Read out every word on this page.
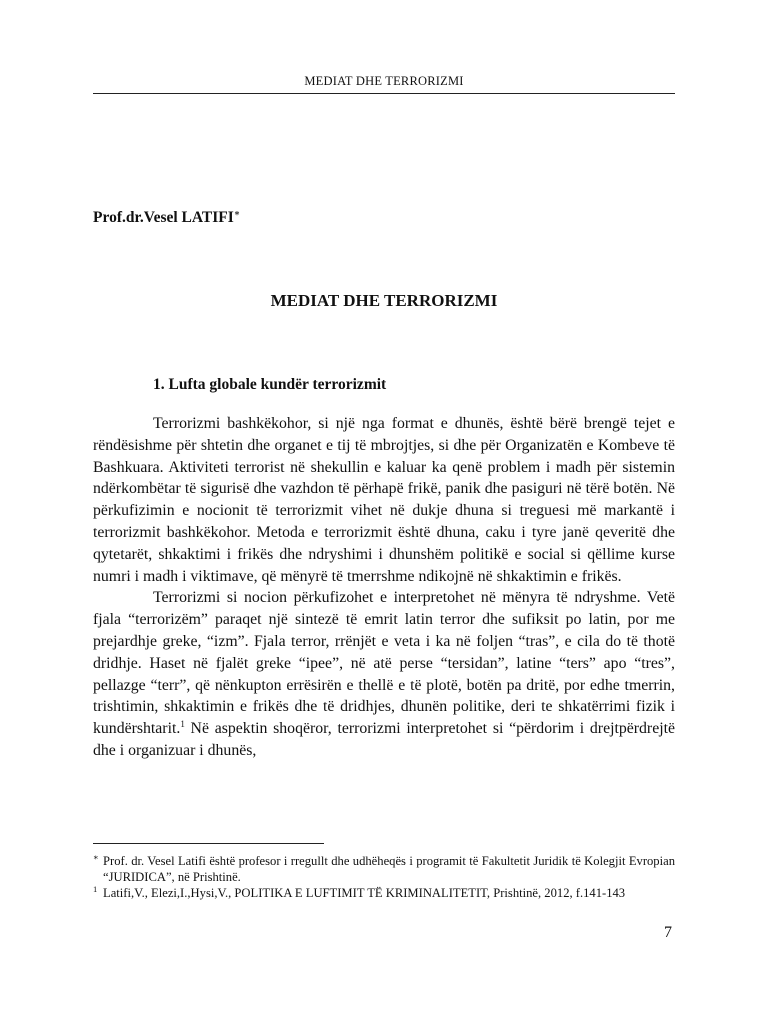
MEDIAT DHE TERRORIZMI
Prof.dr.Vesel LATIFI∗
MEDIAT DHE TERRORIZMI
1. Lufta globale kundër terrorizmit

Terrorizmi bashkëkohor, si një nga format e dhunës, është bërë brengë tejet e rëndësishme për shtetin dhe organet e tij të mbrojtjes, si dhe për Organizatën e Kombeve të Bashkuara. Aktiviteti terrorist në shekullin e kaluar ka qenë problem i madh për sistemin ndërkombëtar të sigurisë dhe vazhdon të përhapë frikë, panik dhe pasiguri në tërë botën. Në përkufizimin e nocionit të terrorizmit vihet në dukje dhuna si treguesi më markantë i terrorizmit bashkëkohor. Metoda e terrorizmit është dhuna, caku i tyre janë qeveritë dhe qytetarët, shkaktimi i frikës dhe ndryshimi i dhunshëm politikë e social si qëllime kurse numri i madh i viktimave, që mënyrë të tmerrshme ndikojnë në shkaktimin e frikës.

Terrorizmi si nocion përkufizohet e interpretohet në mënyra të ndryshme. Vetë fjala “terrorizëm” paraqet një sintezë të emrit latin terror dhe sufiksit po latin, por me prejardhje greke, “izm”. Fjala terror, rrënjët e veta i ka në foljen “tras”, e cila do të thotë dridhje. Haset në fjalët greke “ipee”, në atë perse “tersidan”, latine “ters” apo “tres”, pellazge “terr”, që nënkupton errësirën e thellë e të plotë, botën pa dritë, por edhe tmerrin, trishtimin, shkaktimin e frikës dhe të dridhjes, dhunën politike, deri te shkatërrimi fizik i kundërshtarit.$^1$ Në aspektin shoqëror, terrorizmi interpretohet si “përdorim i drejtpërdrejtë dhe i organizuar i dhunës,

∗ Prof. dr. Vesel Latifi është profesor i rregullt dhe udhëheqës i programit të Fakultetit Juridik të Kolegjit Evropian “JURIDICA”, në Prishtinë.
1 Latifi,V., Elezi,I.,Hysi,V., POLITIKA E LUFTIMIT TË KRIMINALITETIT, Prishtinë, 2012, f.141-143
7
